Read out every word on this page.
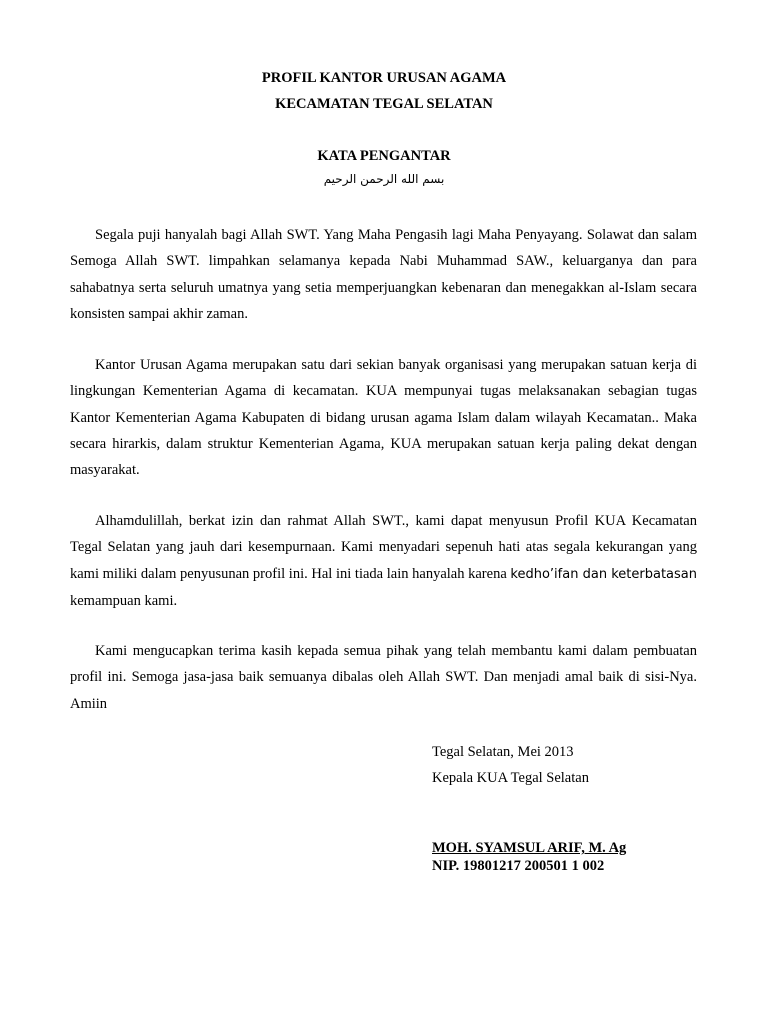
PROFIL KANTOR URUSAN AGAMA
KECAMATAN TEGAL SELATAN
KATA PENGANTAR
بسم الله الرحمن الرحيم
Segala puji hanyalah bagi Allah SWT. Yang Maha Pengasih lagi Maha Penyayang. Solawat dan salam Semoga Allah SWT. limpahkan selamanya kepada Nabi Muhammad SAW., keluarganya dan para sahabatnya serta seluruh umatnya yang setia memperjuangkan kebenaran dan menegakkan al-Islam secara konsisten sampai akhir zaman.
Kantor Urusan Agama merupakan satu dari sekian banyak organisasi yang merupakan satuan kerja di lingkungan Kementerian Agama di kecamatan. KUA mempunyai tugas melaksanakan sebagian tugas Kantor Kementerian Agama Kabupaten di bidang urusan agama Islam dalam wilayah Kecamatan.. Maka secara hirarkis, dalam struktur Kementerian Agama, KUA merupakan satuan kerja paling dekat dengan masyarakat.
Alhamdulillah, berkat izin dan rahmat Allah SWT., kami dapat menyusun Profil KUA Kecamatan Tegal Selatan yang jauh dari kesempurnaan. Kami menyadari sepenuh hati atas segala kekurangan yang kami miliki dalam penyusunan profil ini. Hal ini tiada lain hanyalah karena kedho’ifan dan keterbatasan kemampuan kami.
Kami mengucapkan terima kasih kepada semua pihak yang telah membantu kami dalam pembuatan profil ini. Semoga jasa-jasa baik semuanya dibalas oleh Allah SWT. Dan menjadi amal baik di sisi-Nya. Amiin
Tegal Selatan, Mei 2013
Kepala KUA Tegal Selatan
MOH. SYAMSUL ARIF, M. Ag
NIP. 19801217 200501 1 002
